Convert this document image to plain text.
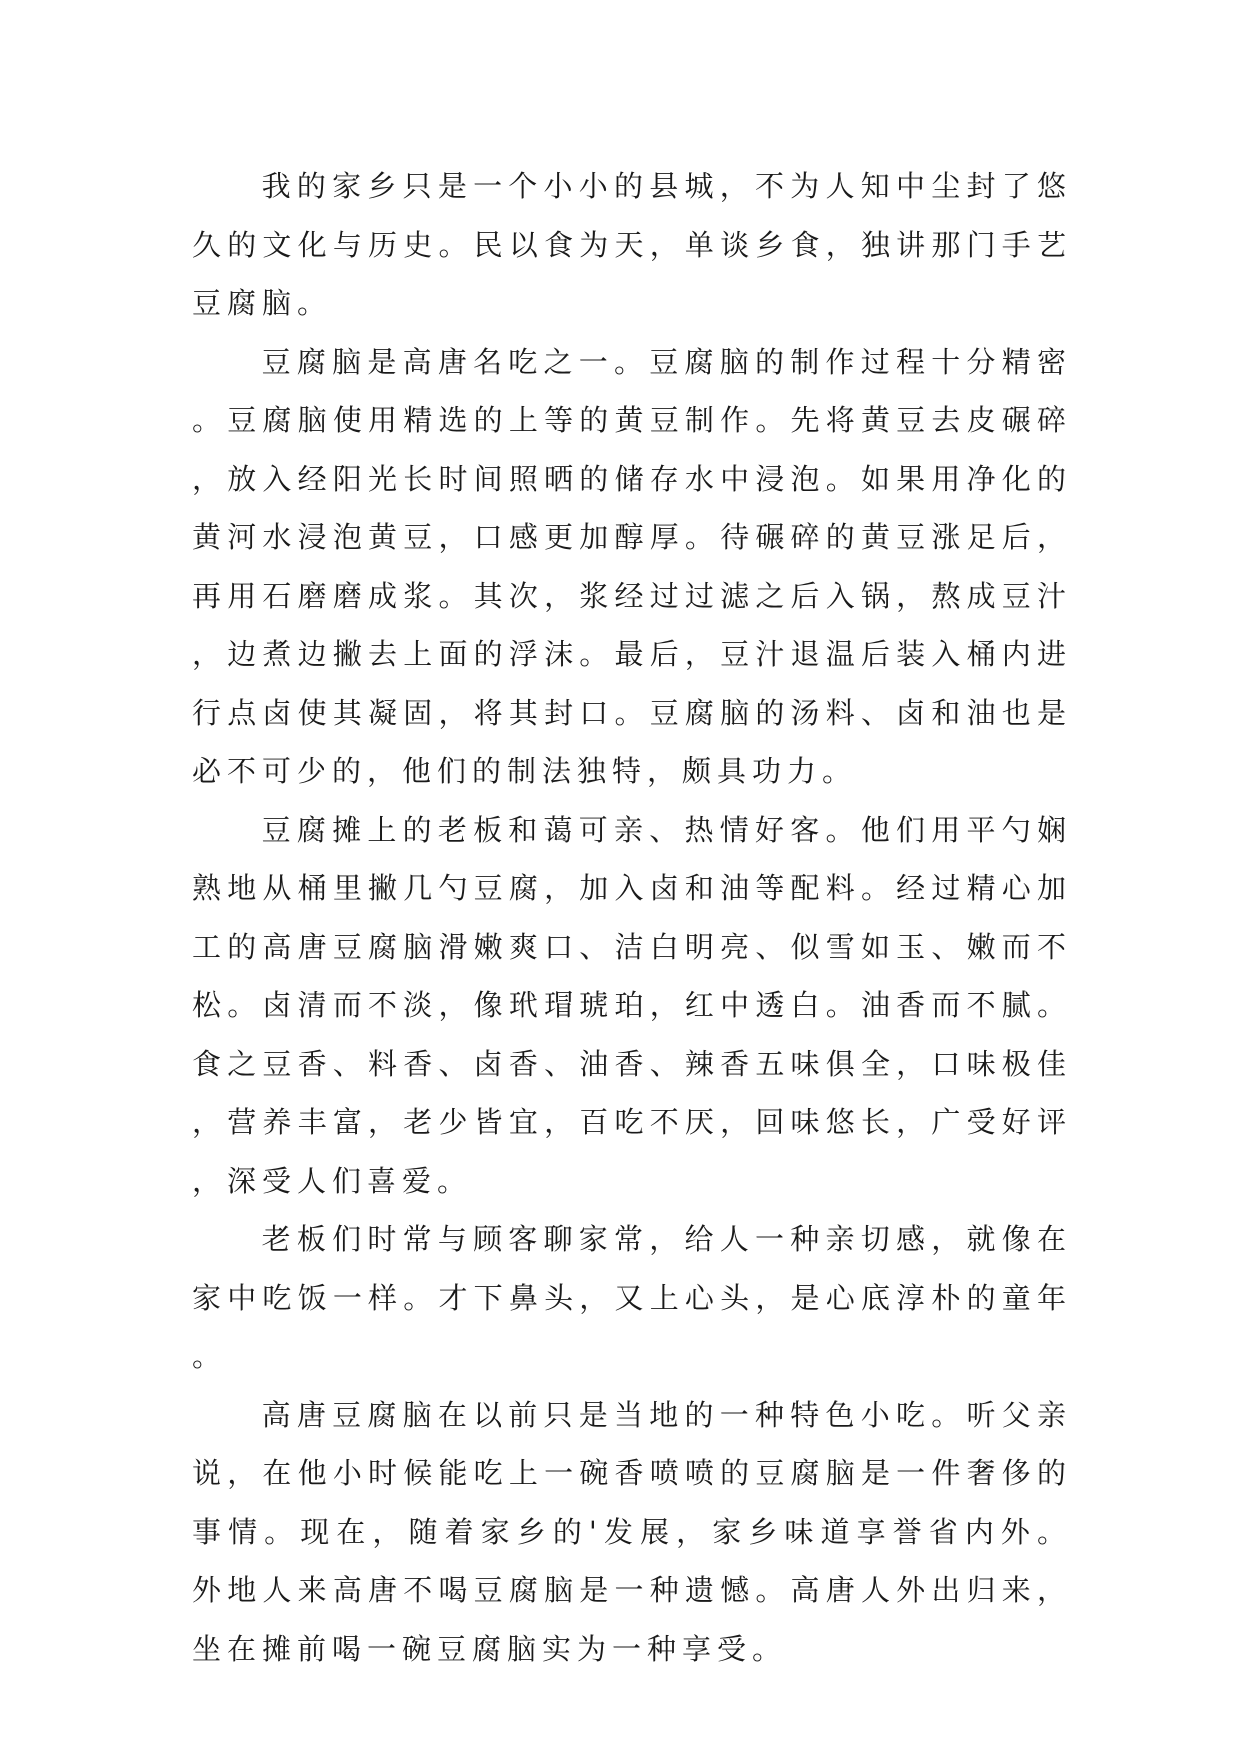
我的家乡只是一个小小的县城，不为人知中尘封了悠久的文化与历史。民以食为天，单谈乡食，独讲那门手艺豆腐脑。

豆腐脑是高唐名吃之一。豆腐脑的制作过程十分精密。豆腐脑使用精选的上等的黄豆制作。先将黄豆去皮碾碎，放入经阳光长时间照晒的储存水中浸泡。如果用净化的黄河水浸泡黄豆，口感更加醇厚。待碾碎的黄豆涨足后，再用石磨磨成浆。其次，浆经过过滤之后入锅，熬成豆汁，边煮边撇去上面的浮沫。最后，豆汁退温后装入桶内进行点卤使其凝固，将其封口。豆腐脑的汤料、卤和油也是必不可少的，他们的制法独特，颇具功力。

豆腐摊上的老板和蔼可亲、热情好客。他们用平勺娴熟地从桶里撇几勺豆腐，加入卤和油等配料。经过精心加工的高唐豆腐脑滑嫩爽口、洁白明亮、似雪如玉、嫩而不松。卤清而不淡，像玳瑁琥珀，红中透白。油香而不腻。食之豆香、料香、卤香、油香、辣香五味俱全，口味极佳，营养丰富，老少皆宜，百吃不厌，回味悠长，广受好评，深受人们喜爱。

老板们时常与顾客聊家常，给人一种亲切感，就像在家中吃饭一样。才下鼻头，又上心头，是心底淳朴的童年。

高唐豆腐脑在以前只是当地的一种特色小吃。听父亲说，在他小时候能吃上一碗香喷喷的豆腐脑是一件奢侈的事情。现在，随着家乡的'发展，家乡味道享誉省内外。外地人来高唐不喝豆腐脑是一种遗憾。高唐人外出归来，坐在摊前喝一碗豆腐脑实为一种享受。
